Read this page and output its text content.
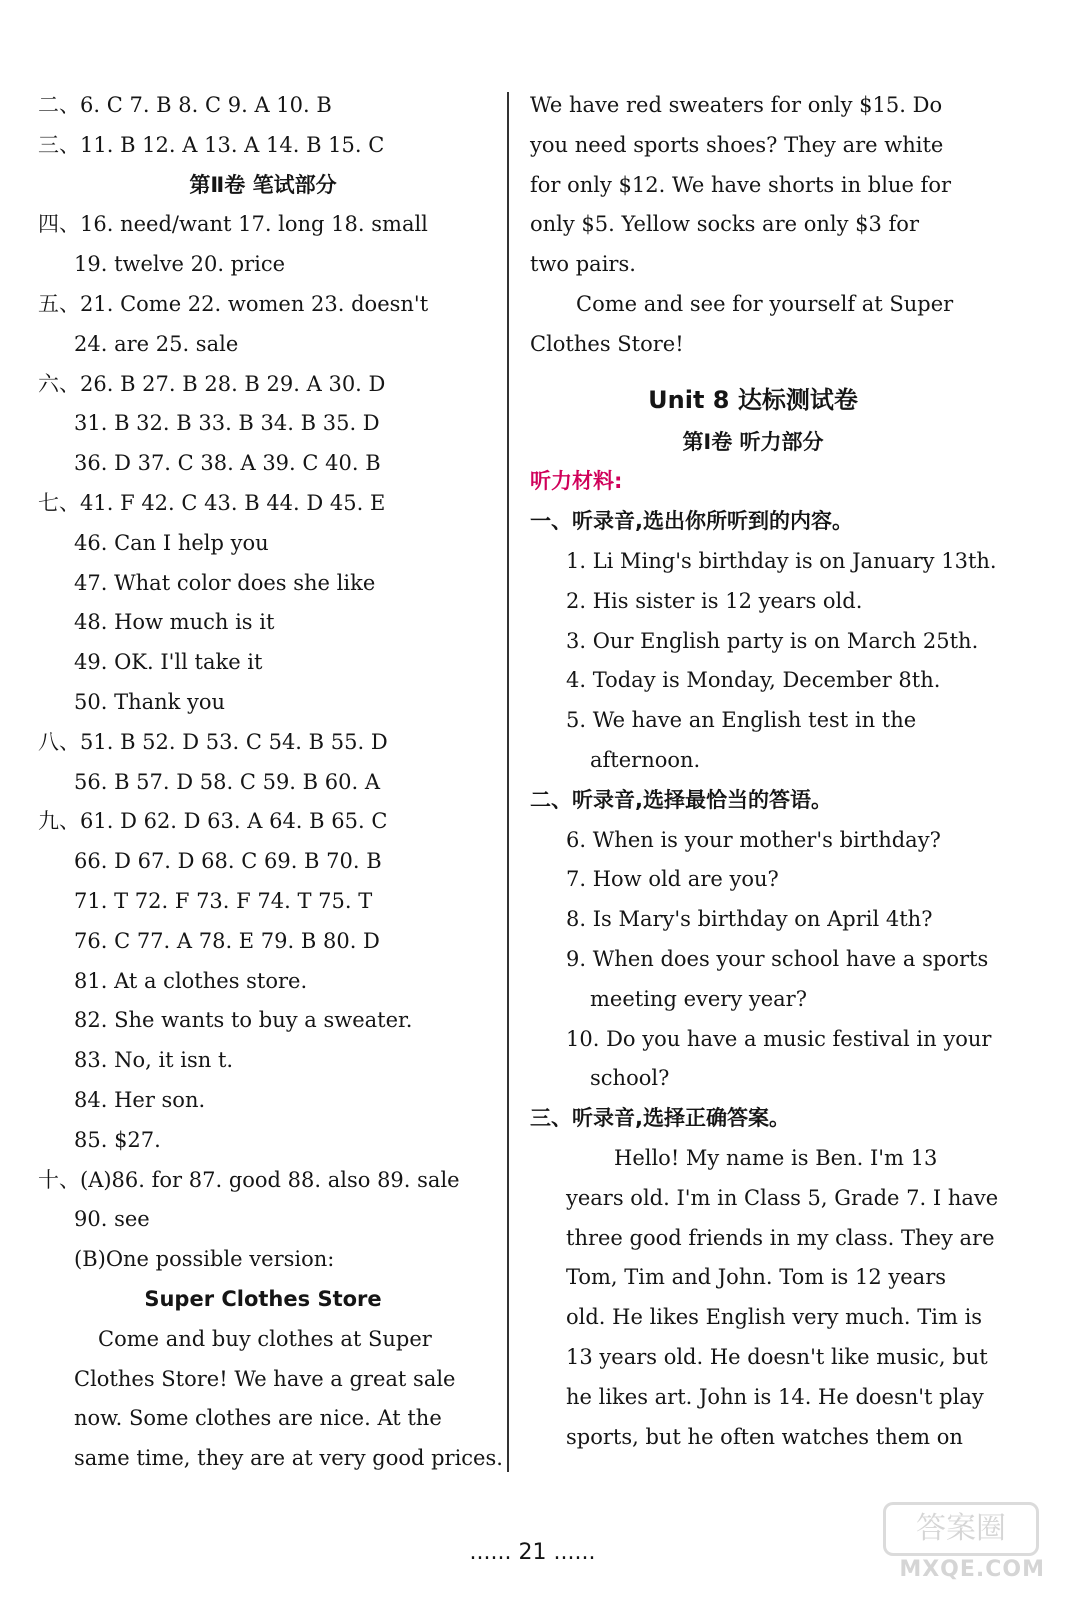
二、6. C 7. B 8. C 9. A 10. B
三、11. B 12. A 13. A 14. B 15. C
第Ⅱ卷 笔试部分
四、16. need/want 17. long 18. small
19. twelve 20. price
五、21. Come 22. women 23. doesn't
24. are 25. sale
六、26. B 27. B 28. B 29. A 30. D
31. B 32. B 33. B 34. B 35. D
36. D 37. C 38. A 39. C 40. B
七、41. F 42. C 43. B 44. D 45. E
46. Can I help you
47. What color does she like
48. How much is it
49. OK. I'll take it
50. Thank you
八、51. B 52. D 53. C 54. B 55. D
56. B 57. D 58. C 59. B 60. A
九、61. D 62. D 63. A 64. B 65. C
66. D 67. D 68. C 69. B 70. B
71. T 72. F 73. F 74. T 75. T
76. C 77. A 78. E 79. B 80. D
81. At a clothes store.
82. She wants to buy a sweater.
83. No, it isn t.
84. Her son.
85. $27.
十、(A)86. for 87. good 88. also 89. sale
90. see
(B)One possible version:
Super Clothes Store
Come and buy clothes at Super
Clothes Store! We have a great sale
now. Some clothes are nice. At the
same time, they are at very good prices.
We have red sweaters for only $15. Do
you need sports shoes? They are white
for only $12. We have shorts in blue for
only $5. Yellow socks are only $3 for
two pairs.
Come and see for yourself at Super
Clothes Store!
Unit 8 达标测试卷
第Ⅰ卷 听力部分
听力材料:
一、听录音,选出你所听到的内容。
1. Li Ming's birthday is on January 13th.
2. His sister is 12 years old.
3. Our English party is on March 25th.
4. Today is Monday, December 8th.
5. We have an English test in the
afternoon.
二、听录音,选择最恰当的答语。
6. When is your mother's birthday?
7. How old are you?
8. Is Mary's birthday on April 4th?
9. When does your school have a sports
meeting every year?
10. Do you have a music festival in your
school?
三、听录音,选择正确答案。
Hello! My name is Ben. I'm 13
years old. I'm in Class 5, Grade 7. I have
three good friends in my class. They are
Tom, Tim and John. Tom is 12 years
old. He likes English very much. Tim is
13 years old. He doesn't like music, but
he likes art. John is 14. He doesn't play
sports, but he often watches them on
...... 21 ......
答案圈
MXQE.COM
